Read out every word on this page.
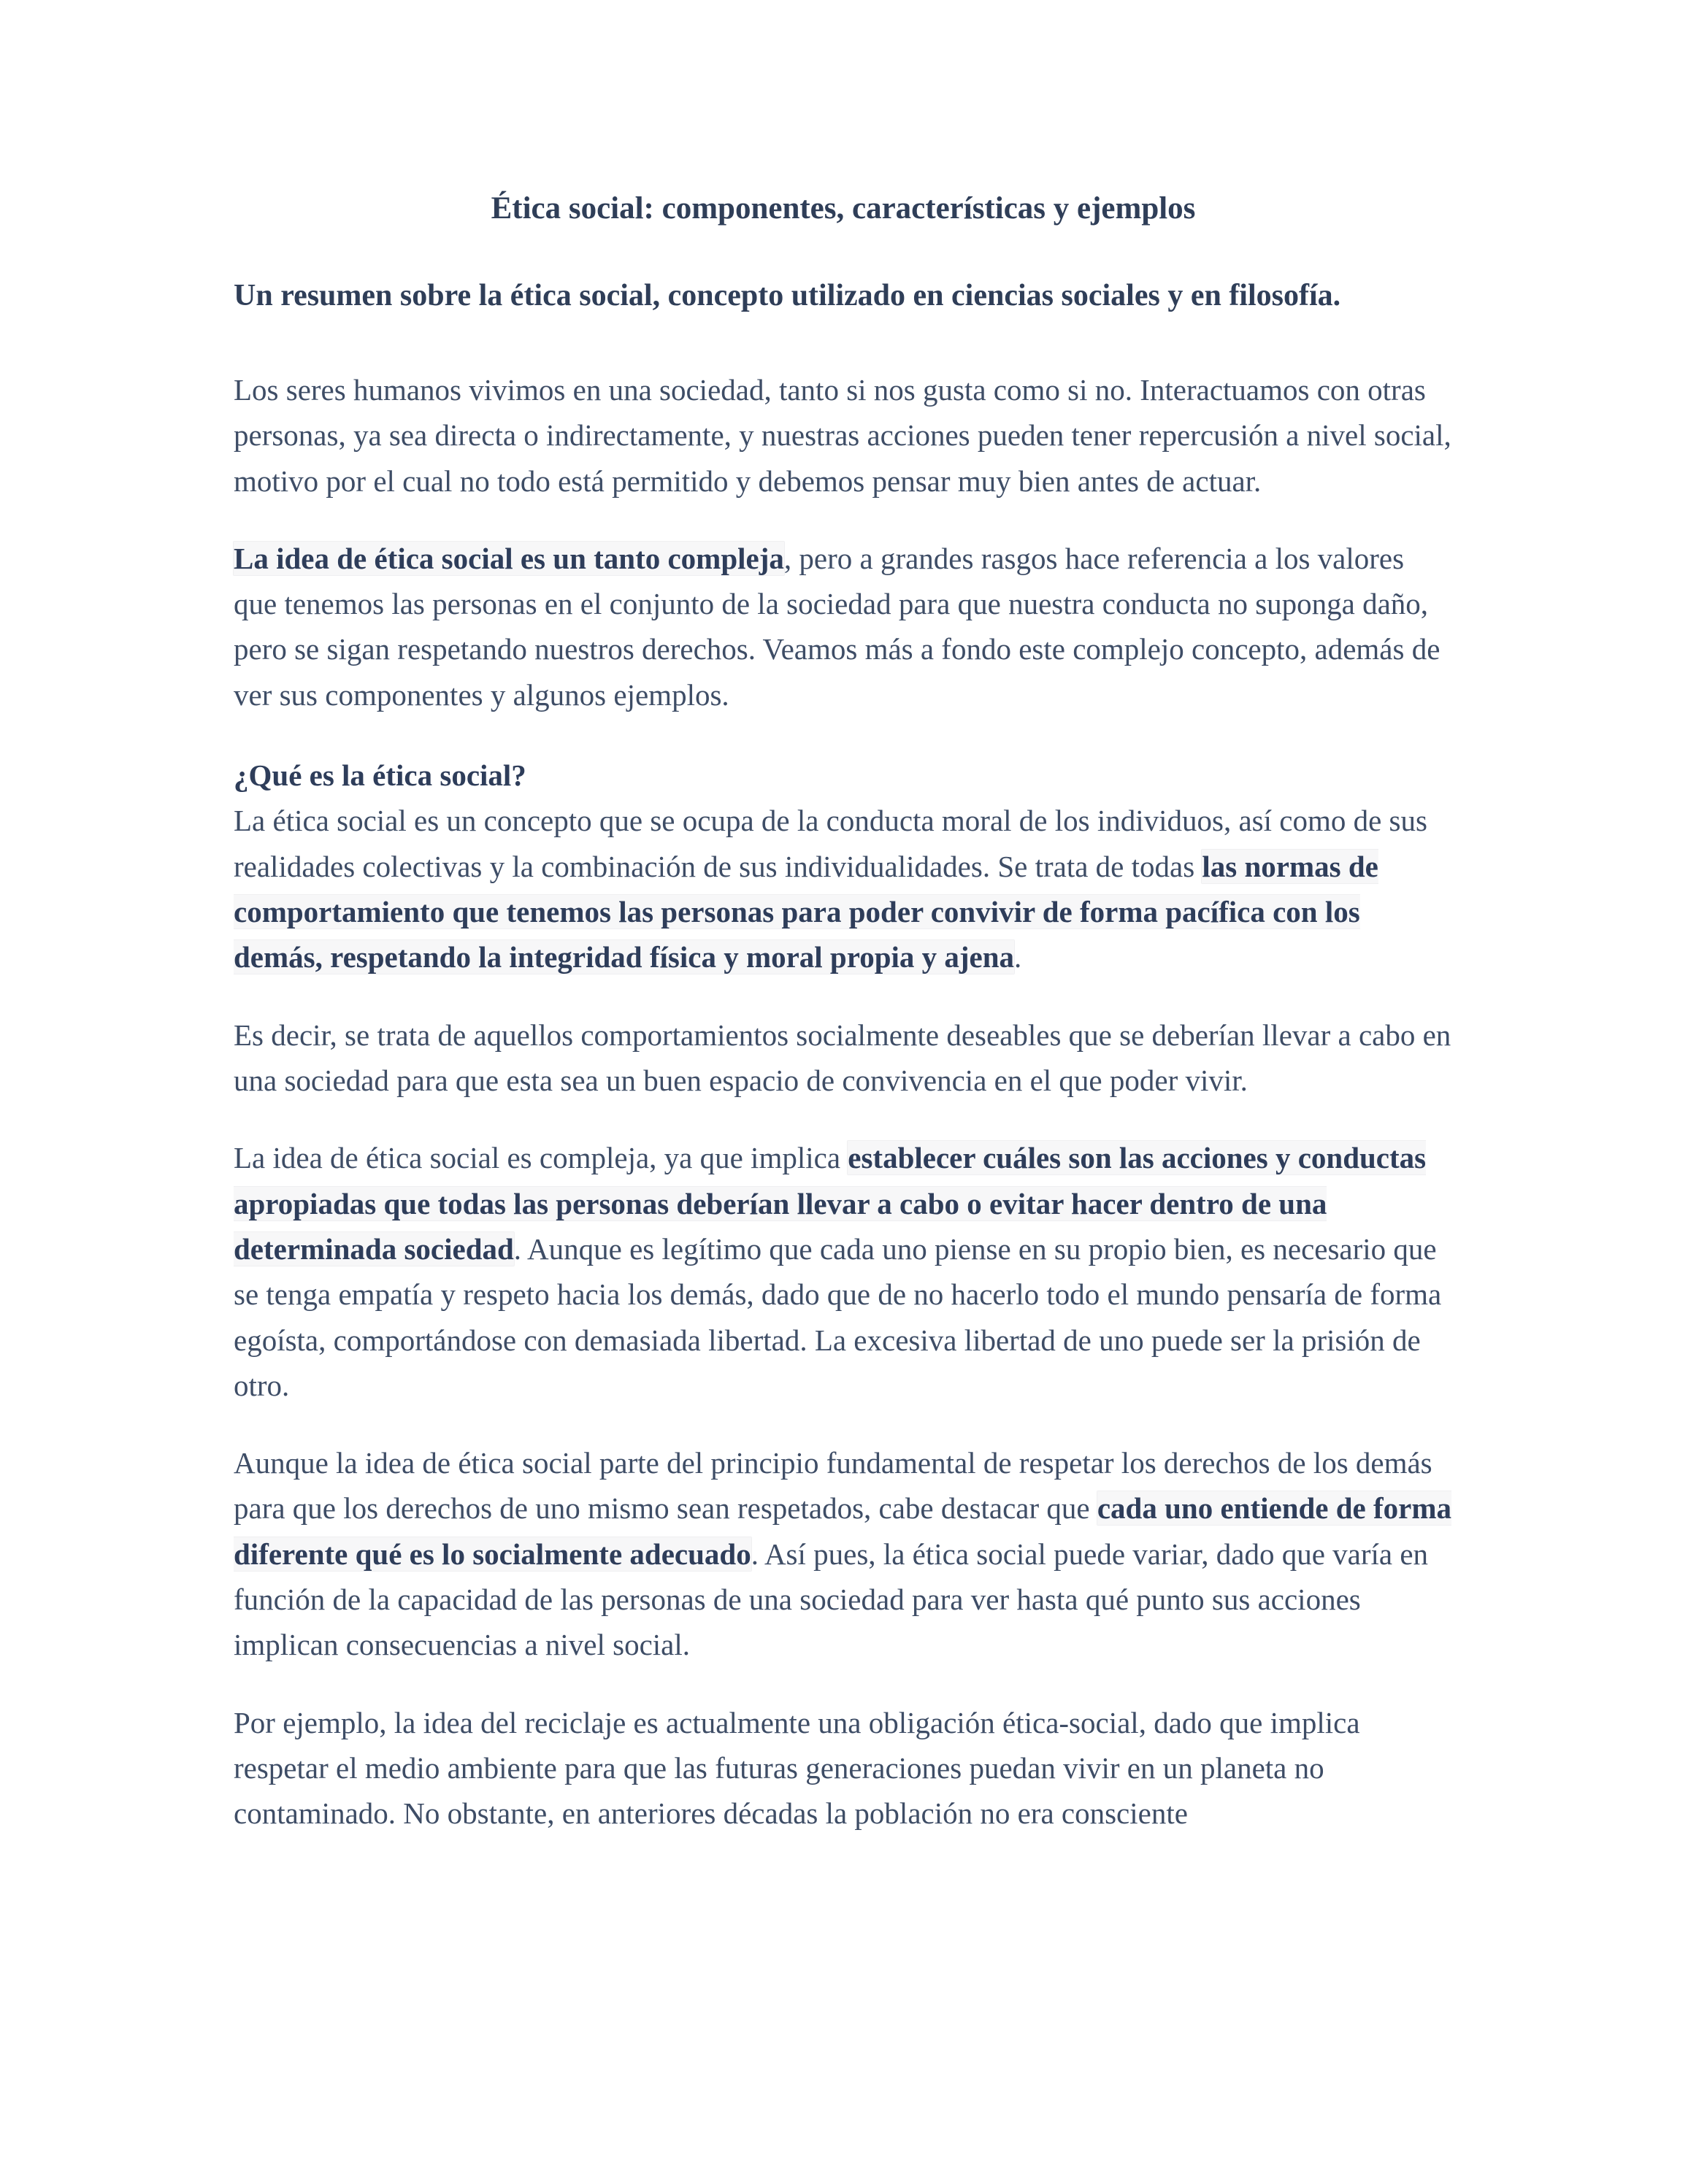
Ética social: componentes, características y ejemplos
Un resumen sobre la ética social, concepto utilizado en ciencias sociales y en filosofía.

Los seres humanos vivimos en una sociedad, tanto si nos gusta como si no. Interactuamos con otras personas, ya sea directa o indirectamente, y nuestras acciones pueden tener repercusión a nivel social, motivo por el cual no todo está permitido y debemos pensar muy bien antes de actuar.

La idea de ética social es un tanto compleja, pero a grandes rasgos hace referencia a los valores que tenemos las personas en el conjunto de la sociedad para que nuestra conducta no suponga daño, pero se sigan respetando nuestros derechos. Veamos más a fondo este complejo concepto, además de ver sus componentes y algunos ejemplos.

¿Qué es la ética social?

La ética social es un concepto que se ocupa de la conducta moral de los individuos, así como de sus realidades colectivas y la combinación de sus individualidades. Se trata de todas las normas de comportamiento que tenemos las personas para poder convivir de forma pacífica con los demás, respetando la integridad física y moral propia y ajena.

Es decir, se trata de aquellos comportamientos socialmente deseables que se deberían llevar a cabo en una sociedad para que esta sea un buen espacio de convivencia en el que poder vivir.

La idea de ética social es compleja, ya que implica establecer cuáles son las acciones y conductas apropiadas que todas las personas deberían llevar a cabo o evitar hacer dentro de una determinada sociedad. Aunque es legítimo que cada uno piense en su propio bien, es necesario que se tenga empatía y respeto hacia los demás, dado que de no hacerlo todo el mundo pensaría de forma egoísta, comportándose con demasiada libertad. La excesiva libertad de uno puede ser la prisión de otro.

Aunque la idea de ética social parte del principio fundamental de respetar los derechos de los demás para que los derechos de uno mismo sean respetados, cabe destacar que cada uno entiende de forma diferente qué es lo socialmente adecuado. Así pues, la ética social puede variar, dado que varía en función de la capacidad de las personas de una sociedad para ver hasta qué punto sus acciones implican consecuencias a nivel social.

Por ejemplo, la idea del reciclaje es actualmente una obligación ética-social, dado que implica respetar el medio ambiente para que las futuras generaciones puedan vivir en un planeta no contaminado. No obstante, en anteriores décadas la población no era consciente
